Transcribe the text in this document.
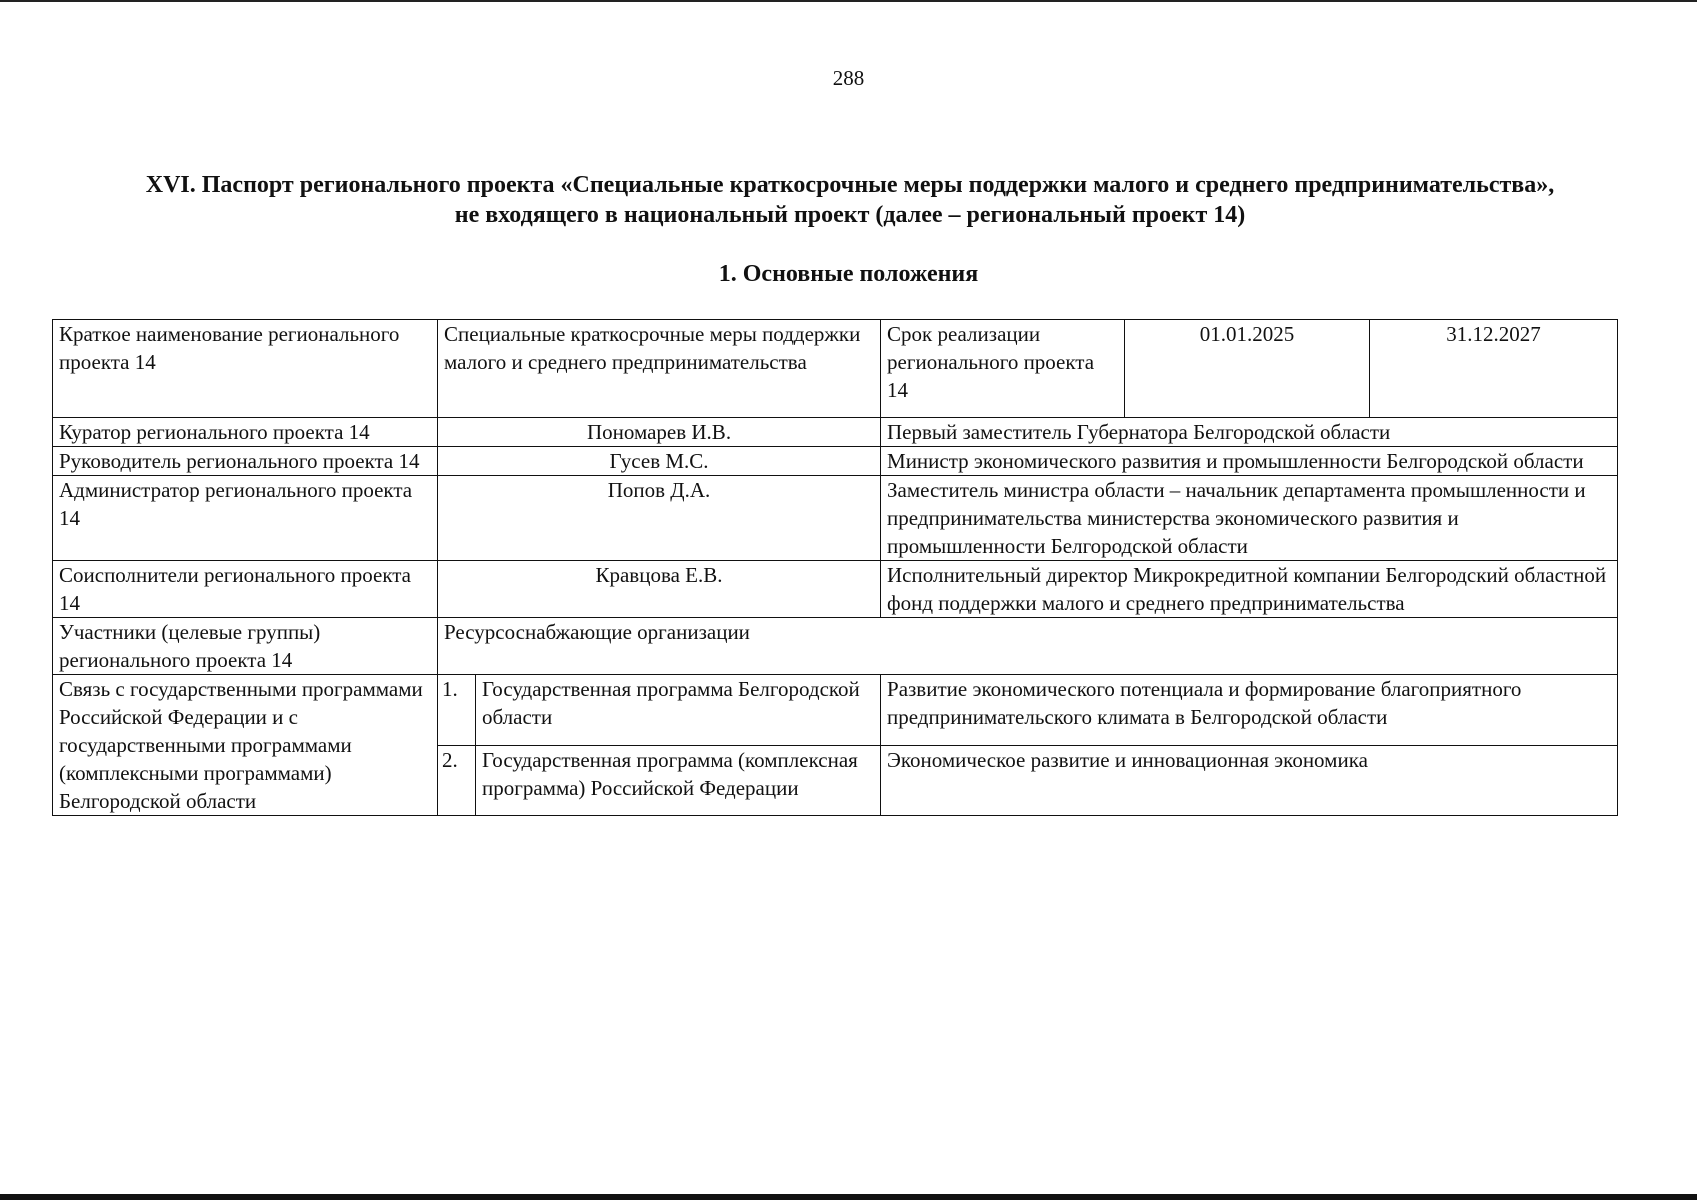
288
XVI. Паспорт регионального проекта «Специальные краткосрочные меры поддержки малого и среднего предпринимательства»,
не входящего в национальный проект (далее – региональный проект 14)
1. Основные положения
Краткое наименование регионального проекта 14	Специальные краткосрочные меры поддержки малого и среднего предпринимательства		Срок реализации регионального проекта 14	01.01.2025	31.12.2027
Куратор регионального проекта 14	Пономарев И.В.		Первый заместитель Губернатора Белгородской области		
Руководитель регионального проекта 14	Гусев М.С.		Министр экономического развития и промышленности Белгородской области		
Администратор регионального проекта 14	Попов Д.А.		Заместитель министра области – начальник департамента промышленности и предпринимательства министерства экономического развития и промышленности Белгородской области		
Соисполнители регионального проекта 14	Кравцова Е.В.		Исполнительный директор Микрокредитной компании Белгородский областной фонд поддержки малого и среднего предпринимательства		
Участники (целевые группы) регионального проекта 14	Ресурсоснабжающие организации				
Связь с государственными программами Российской Федерации и с государственными программами (комплексными программами) Белгородской области	1.	Государственная программа Белгородской области	Развитие экономического потенциала и формирование благоприятного предпринимательского климата в Белгородской области		
	2.	Государственная программа (комплексная программа) Российской Федерации	Экономическое развитие и инновационная экономика		
